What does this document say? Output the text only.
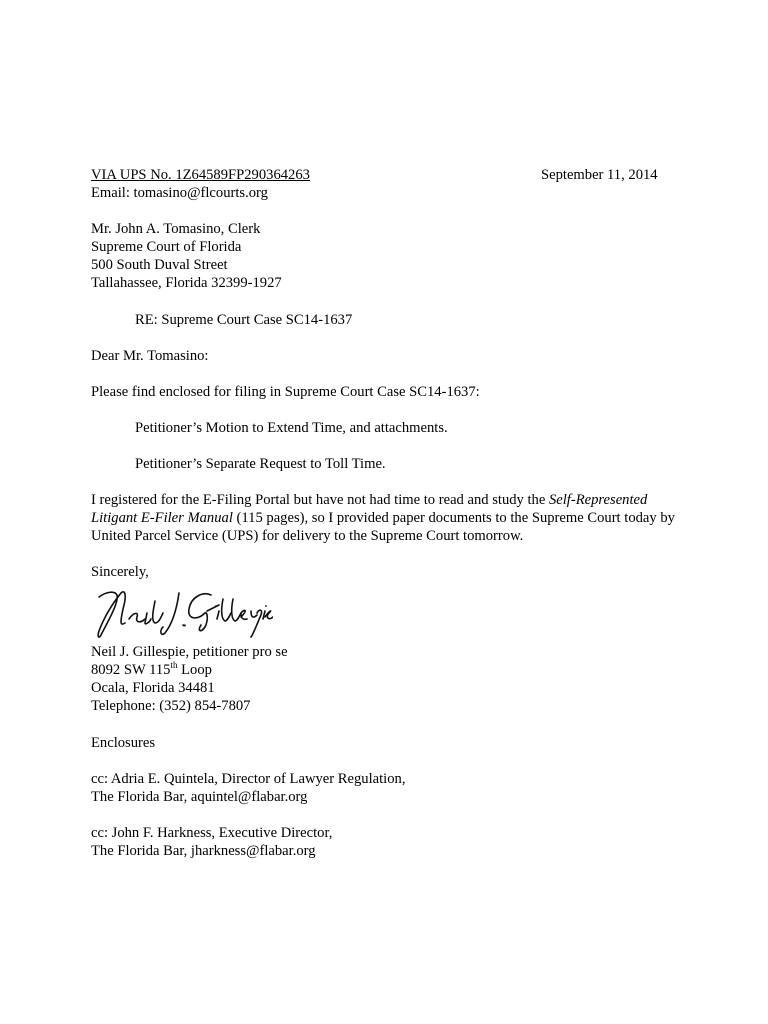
VIA UPS No. 1Z64589FP290364263
Email: tomasino@flcourts.org
September 11, 2014
Mr. John A. Tomasino, Clerk
Supreme Court of Florida
500 South Duval Street
Tallahassee, Florida 32399-1927
RE: Supreme Court Case SC14-1637
Dear Mr. Tomasino:
Please find enclosed for filing in Supreme Court Case SC14-1637:
Petitioner’s Motion to Extend Time, and attachments.
Petitioner’s Separate Request to Toll Time.
I registered for the E-Filing Portal but have not had time to read and study the Self-Represented Litigant E-Filer Manual (115 pages), so I provided paper documents to the Supreme Court today by United Parcel Service (UPS) for delivery to the Supreme Court tomorrow.
Sincerely,
Neil J. Gillespie, petitioner pro se
8092 SW 115th Loop
Ocala, Florida 34481
Telephone: (352) 854-7807
Enclosures
cc: Adria E. Quintela, Director of Lawyer Regulation,
The Florida Bar, aquintel@flabar.org
cc: John F. Harkness, Executive Director,
The Florida Bar, jharkness@flabar.org
